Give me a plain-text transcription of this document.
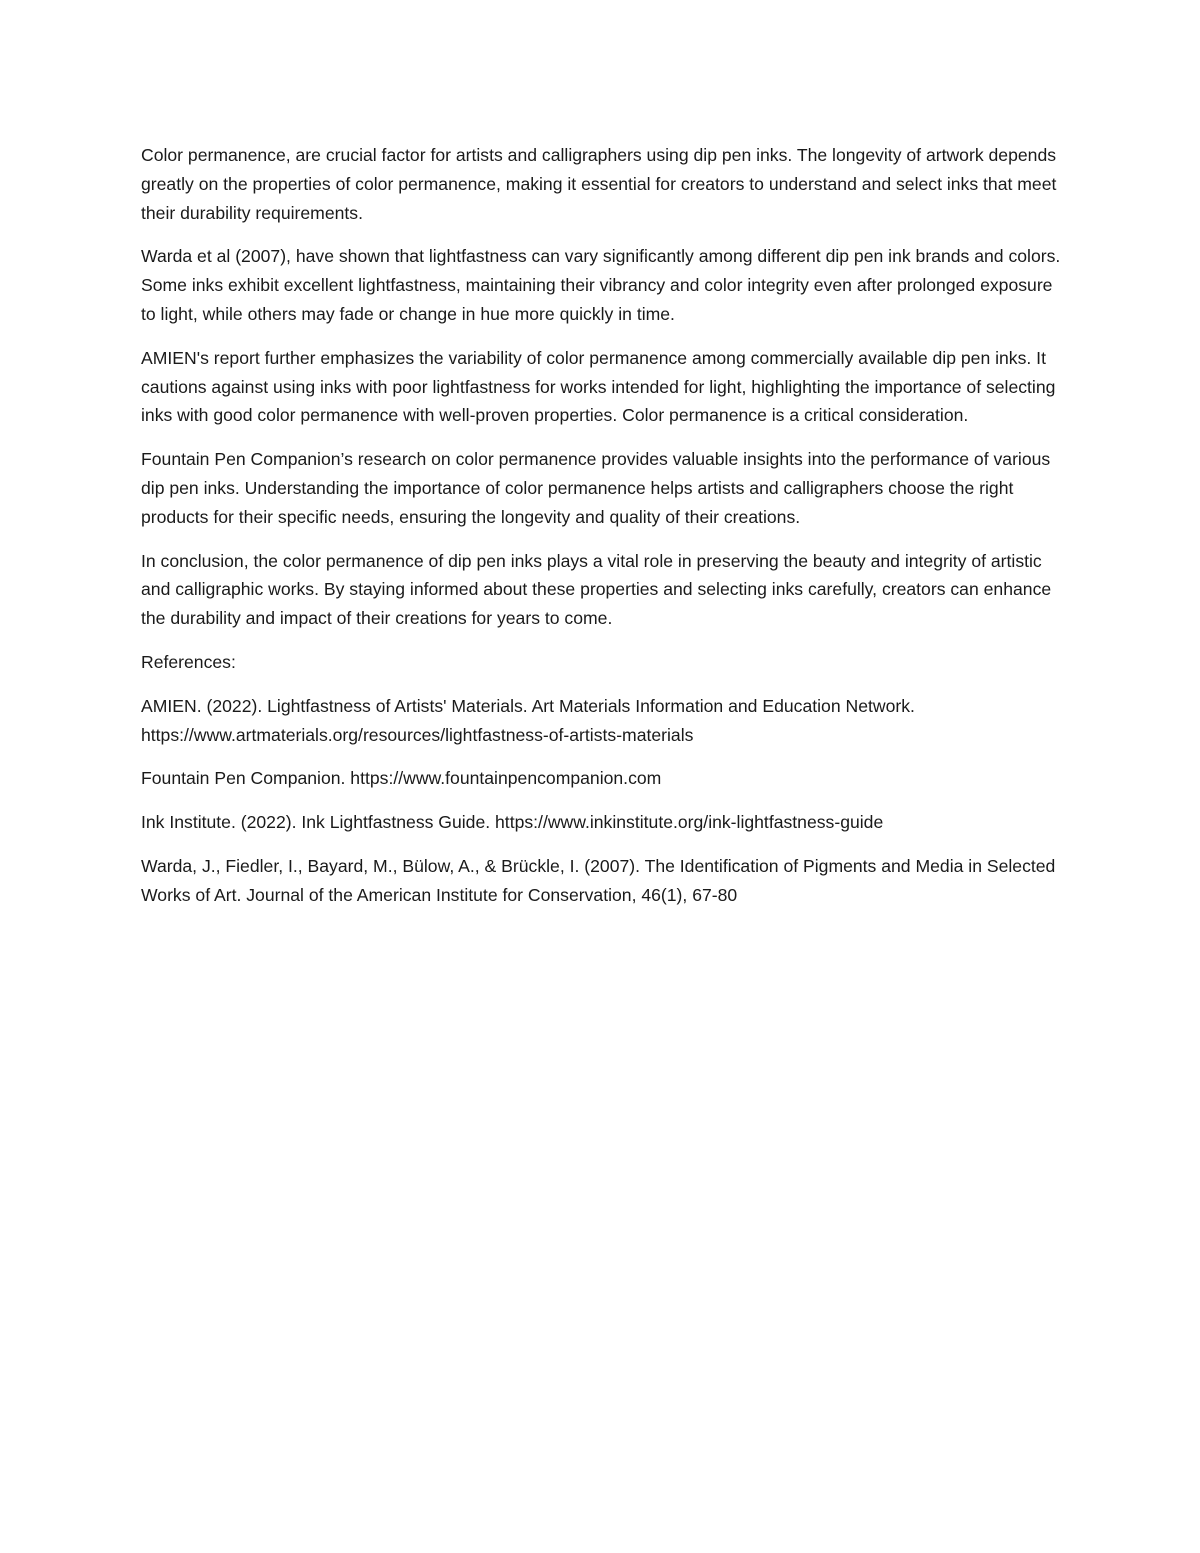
Color permanence, are crucial factor for artists and calligraphers using dip pen inks. The longevity of artwork depends greatly on the properties of color permanence, making it essential for creators to understand and select inks that meet their durability requirements.

Warda et al (2007), have shown that lightfastness can vary significantly among different dip pen ink brands and colors. Some inks exhibit excellent lightfastness, maintaining their vibrancy and color integrity even after prolonged exposure to light, while others may fade or change in hue more quickly in time.

AMIEN's report further emphasizes the variability of color permanence among commercially available dip pen inks. It cautions against using inks with poor lightfastness for works intended for light, highlighting the importance of selecting inks with good color permanence with well-proven properties. Color permanence is a critical consideration.

Fountain Pen Companion’s research on color permanence provides valuable insights into the performance of various dip pen inks. Understanding the importance of color permanence helps artists and calligraphers choose the right products for their specific needs, ensuring the longevity and quality of their creations.

In conclusion, the color permanence of dip pen inks plays a vital role in preserving the beauty and integrity of artistic and calligraphic works. By staying informed about these properties and selecting inks carefully, creators can enhance the durability and impact of their creations for years to come.

References:

AMIEN. (2022). Lightfastness of Artists' Materials. Art Materials Information and Education Network. https://www.artmaterials.org/resources/lightfastness-of-artists-materials

Fountain Pen Companion. https://www.fountainpencompanion.com

Ink Institute. (2022). Ink Lightfastness Guide. https://www.inkinstitute.org/ink-lightfastness-guide

Warda, J., Fiedler, I., Bayard, M., Bülow, A., & Brückle, I. (2007). The Identification of Pigments and Media in Selected Works of Art. Journal of the American Institute for Conservation, 46(1), 67-80
